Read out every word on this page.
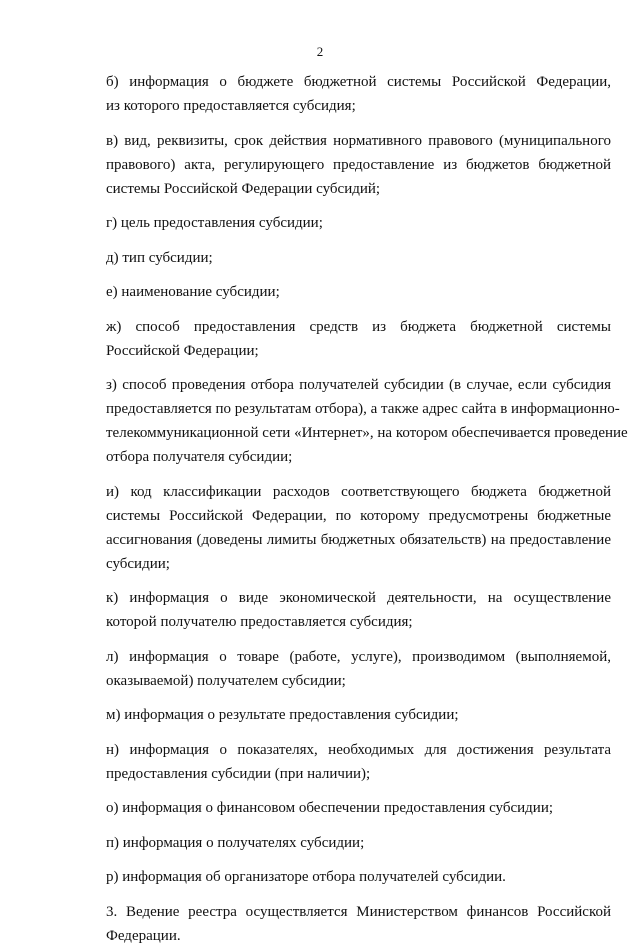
2

б) информация о бюджете бюджетной системы Российской Федерации,
из которого предоставляется субсидия;

в) вид, реквизиты, срок действия нормативного правового (муниципального
правового) акта, регулирующего предоставление из бюджетов бюджетной
системы Российской Федерации субсидий;

г) цель предоставления субсидии;

д) тип субсидии;

е) наименование субсидии;

ж) способ предоставления средств из бюджета бюджетной системы
Российской Федерации;

з) способ проведения отбора получателей субсидии (в случае, если субсидия
предоставляется по результатам отбора), а также адрес сайта в информационно-
телекоммуникационной сети «Интернет», на котором обеспечивается проведение
отбора получателя субсидии;

и) код классификации расходов соответствующего бюджета бюджетной
системы Российской Федерации, по которому предусмотрены бюджетные
ассигнования (доведены лимиты бюджетных обязательств) на предоставление
субсидии;

к) информация о виде экономической деятельности, на осуществление
которой получателю предоставляется субсидия;

л) информация о товаре (работе, услуге), производимом (выполняемой,
оказываемой) получателем субсидии;

м) информация о результате предоставления субсидии;

н) информация о показателях, необходимых для достижения результата
предоставления субсидии (при наличии);

о) информация о финансовом обеспечении предоставления субсидии;

п) информация о получателях субсидии;

р) информация об организаторе отбора получателей субсидии.

3. Ведение реестра осуществляется Министерством финансов Российской
Федерации.
